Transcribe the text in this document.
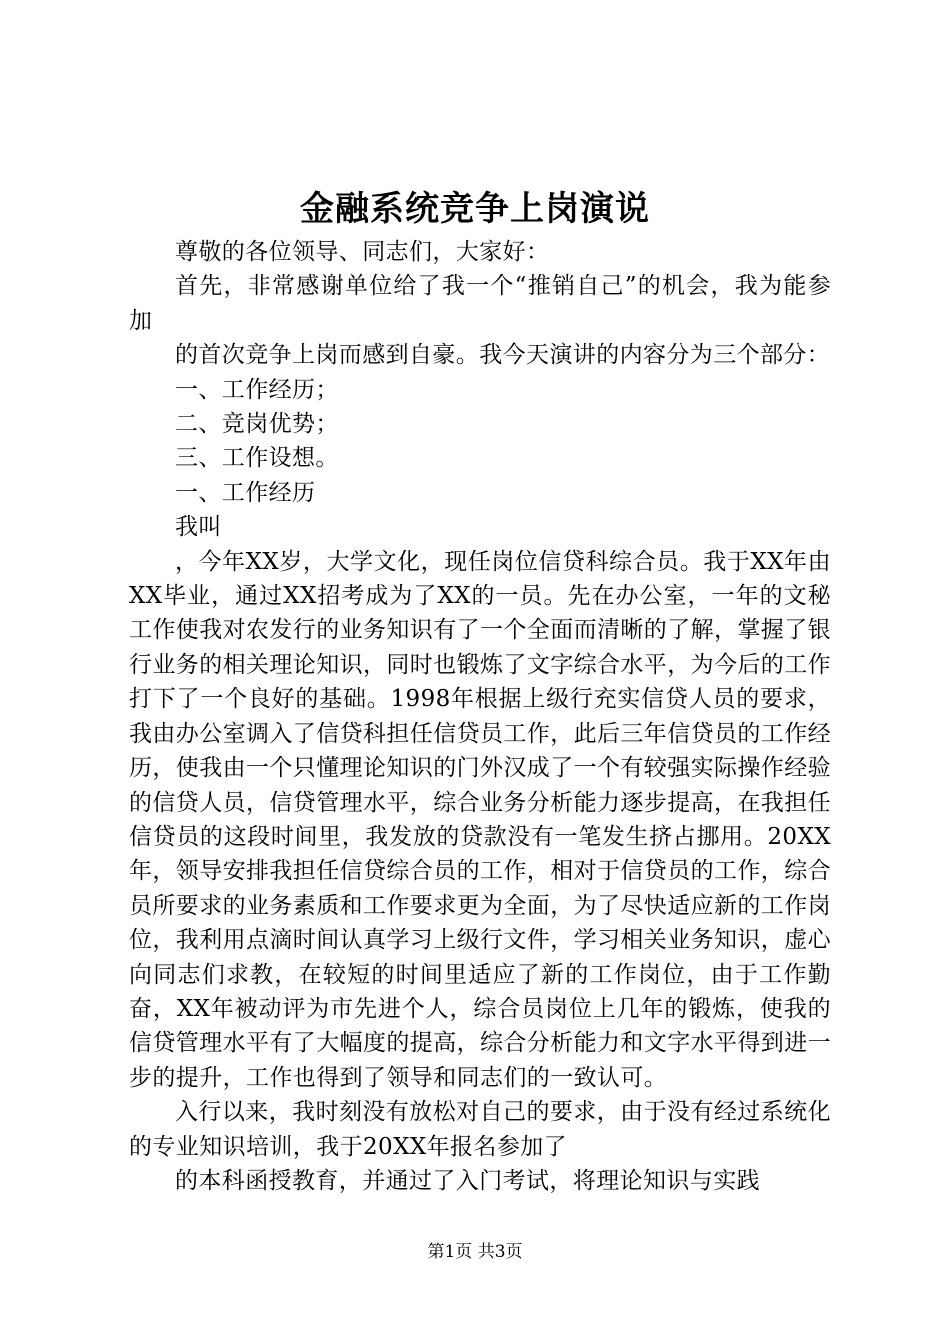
金融系统竞争上岗演说

尊敬的各位领导、同志们，大家好：

首先，非常感谢单位给了我一个“推销自己”的机会，我为能参加

的首次竞争上岗而感到自豪。我今天演讲的内容分为三个部分：

一、工作经历；

二、竞岗优势；

三、工作设想。

一、工作经历

我叫

，今年XX岁，大学文化，现任岗位信贷科综合员。我于XX年由XX毕业，通过XX招考成为了XX的一员。先在办公室，一年的文秘工作使我对农发行的业务知识有了一个全面而清晰的了解，掌握了银行业务的相关理论知识，同时也锻炼了文字综合水平，为今后的工作打下了一个良好的基础。1998年根据上级行充实信贷人员的要求，我由办公室调入了信贷科担任信贷员工作，此后三年信贷员的工作经历，使我由一个只懂理论知识的门外汉成了一个有较强实际操作经验的信贷人员，信贷管理水平，综合业务分析能力逐步提高，在我担任信贷员的这段时间里，我发放的贷款没有一笔发生挤占挪用。20XX年，领导安排我担任信贷综合员的工作，相对于信贷员的工作，综合员所要求的业务素质和工作要求更为全面，为了尽快适应新的工作岗位，我利用点滴时间认真学习上级行文件，学习相关业务知识，虚心向同志们求教，在较短的时间里适应了新的工作岗位，由于工作勤奋，XX年被动评为市先进个人，综合员岗位上几年的锻炼，使我的信贷管理水平有了大幅度的提高，综合分析能力和文字水平得到进一步的提升，工作也得到了领导和同志们的一致认可。

入行以来，我时刻没有放松对自己的要求，由于没有经过系统化的专业知识培训，我于20XX年报名参加了

的本科函授教育，并通过了入门考试，将理论知识与实践

第1页 共3页
